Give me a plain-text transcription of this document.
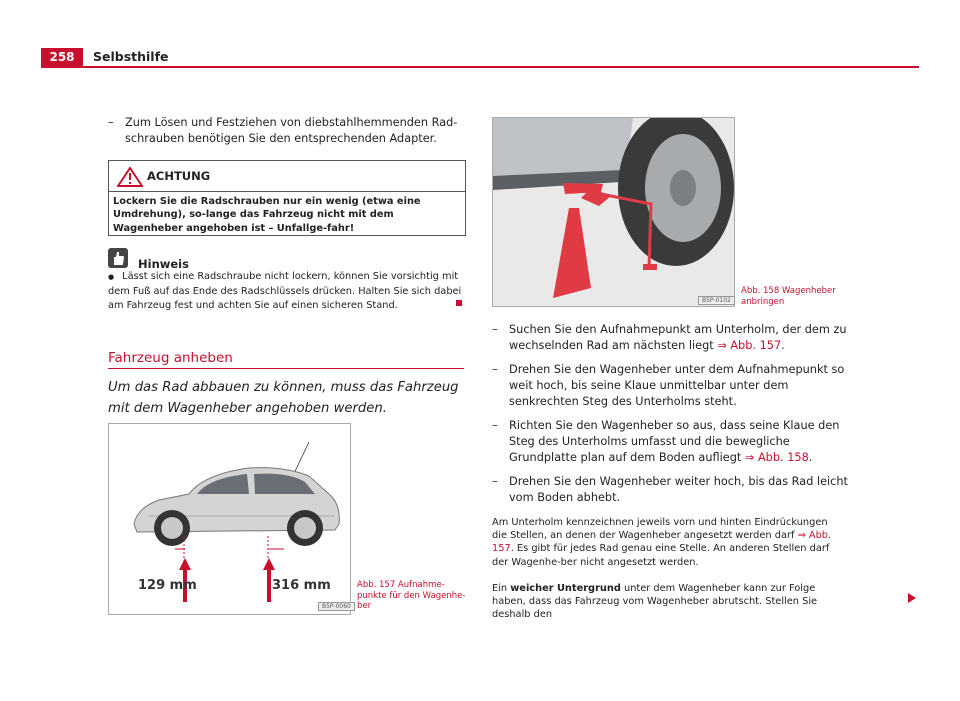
258	Selbsthilfe
–	Zum Lösen und Festziehen von diebstahlhemmenden Rad-schrauben benötigen Sie den entsprechenden Adapter.
ACHTUNG
Lockern Sie die Radschrauben nur ein wenig (etwa eine Umdrehung), so-lange das Fahrzeug nicht mit dem Wagenheber angehoben ist – Unfallge-fahr!
Hinweis
● Lässt sich eine Radschraube nicht lockern, können Sie vorsichtig mit dem Fuß auf das Ende des Radschlüssels drücken. Halten Sie sich dabei am Fahrzeug fest und achten Sie auf einen sicheren Stand.
Fahrzeug anheben
Um das Rad abbauen zu können, muss das Fahrzeug mit dem Wagenheber angehoben werden.
129 mm	316 mm
B5P-0060
Abb. 157 Aufnahme-
punkte für den Wagenhe-
ber
B5P-0102
Abb. 158 Wagenheber
anbringen
–	Suchen Sie den Aufnahmepunkt am Unterholm, der dem zu wechselnden Rad am nächsten liegt ⇒ Abb. 157.
–	Drehen Sie den Wagenheber unter dem Aufnahmepunkt so weit hoch, bis seine Klaue unmittelbar unter dem senkrechten Steg des Unterholms steht.
–	Richten Sie den Wagenheber so aus, dass seine Klaue den Steg des Unterholms umfasst und die bewegliche Grundplatte plan auf dem Boden aufliegt ⇒ Abb. 158.
–	Drehen Sie den Wagenheber weiter hoch, bis das Rad leicht vom Boden abhebt.
Am Unterholm kennzeichnen jeweils vorn und hinten Eindrückungen die Stellen, an denen der Wagenheber angesetzt werden darf ⇒ Abb. 157. Es gibt für jedes Rad genau eine Stelle. An anderen Stellen darf der Wagenhe-ber nicht angesetzt werden.
Ein weicher Untergrund unter dem Wagenheber kann zur Folge haben, dass das Fahrzeug vom Wagenheber abrutscht. Stellen Sie deshalb den
